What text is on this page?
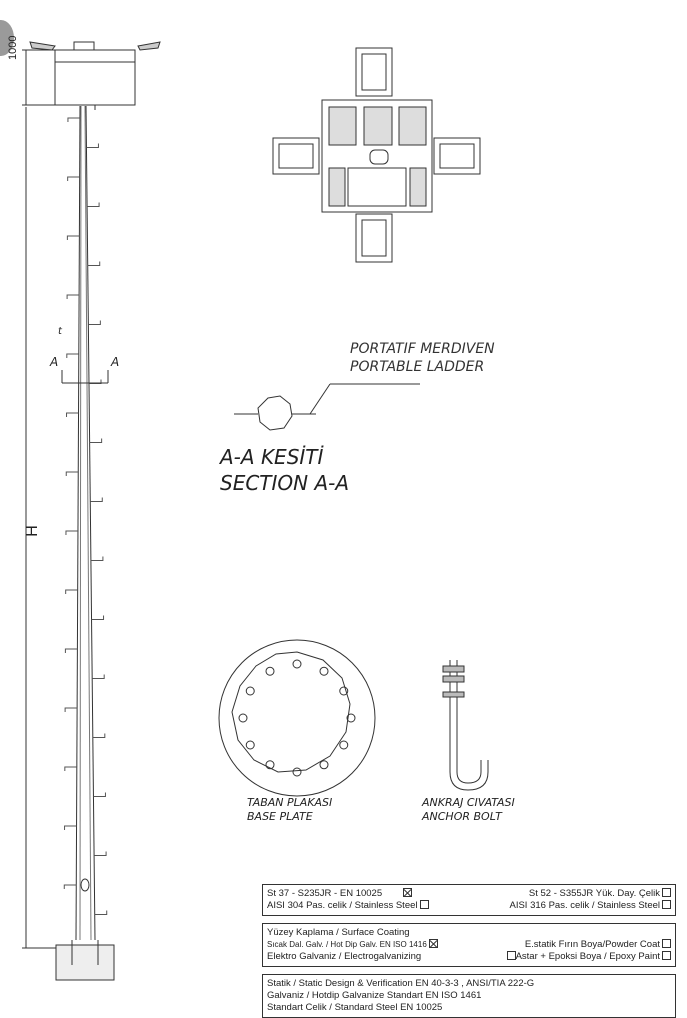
1000
H
t
A	A
PORTATIF MERDIVEN
PORTABLE LADDER
A-A KESİTİ
SECTION A-A
TABAN PLAKASI
BASE PLATE
ANKRAJ CIVATASI
ANCHOR BOLT
St 37 - S235JR - EN 10025	St 52 - S355JR Yük. Day. Çelik
AISI 304 Pas. celik / Stainless Steel	AISI 316 Pas. celik / Stainless Steel
Yüzey Kaplama / Surface Coating
Sıcak Dal. Galv. / Hot Dip Galv. EN ISO 1416	E.statik Fırın Boya/Powder Coat
Elektro Galvaniz / Electrogalvanizing	Astar + Epoksi Boya / Epoxy Paint
Statik / Static Design & Verification EN 40-3-3 , ANSI/TIA 222-G
Galvaniz / Hotdip Galvanize Standart EN ISO 1461
Standart Celik / Standard Steel EN 10025
